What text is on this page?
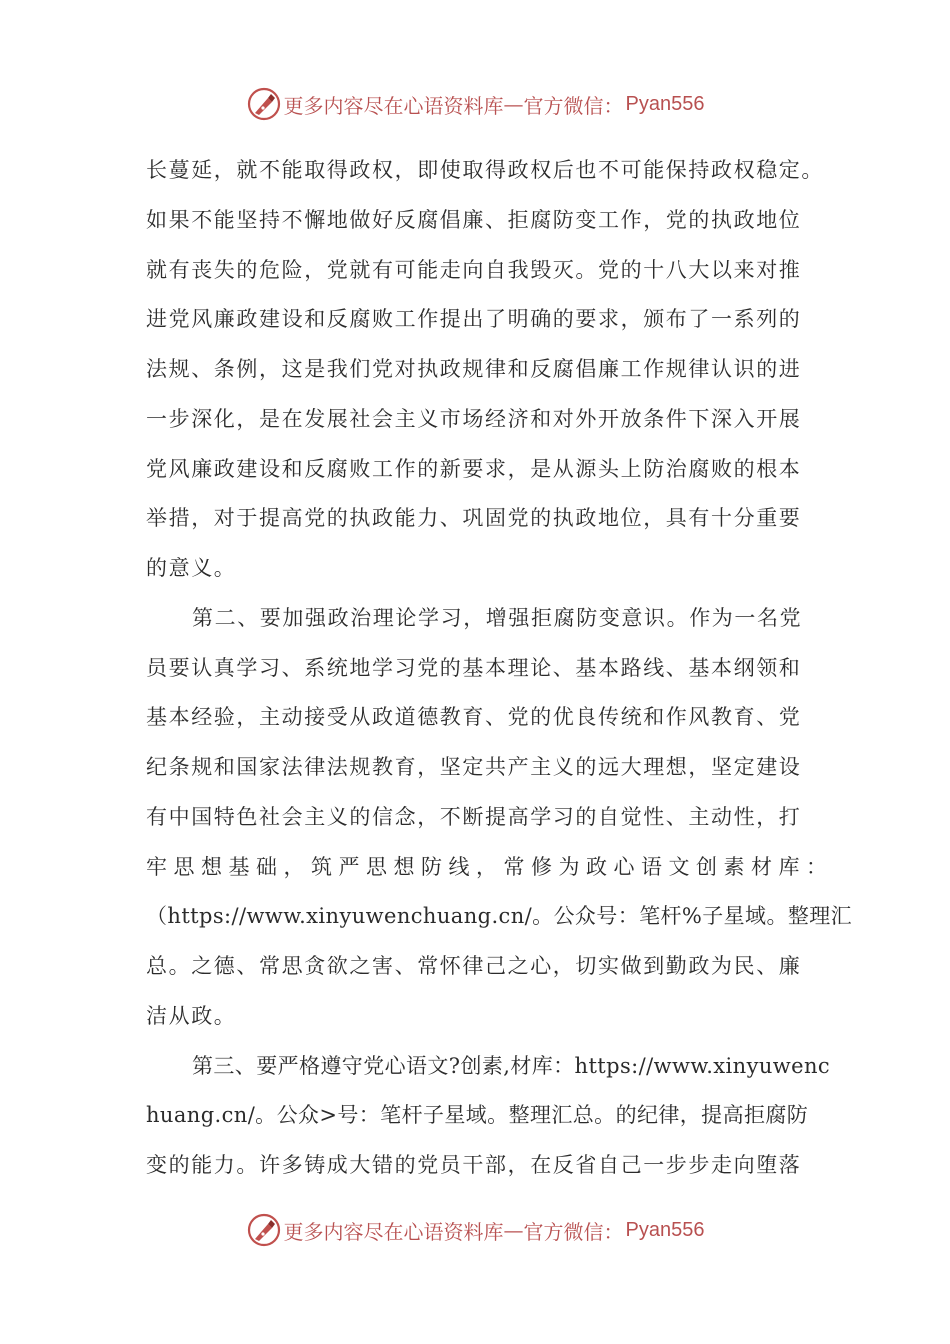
更多内容尽在心语资料库 — 官方微信： Pyan556
长蔓延，就不能取得政权，即使取得政权后也不可能保持政权稳定。
如果不能坚持不懈地做好反腐倡廉、拒腐防变工作，党的执政地位
就有丧失的危险，党就有可能走向自我毁灭。党的十八大以来对推
进党风廉政建设和反腐败工作提出了明确的要求，颁布了一系列的
法规、条例，这是我们党对执政规律和反腐倡廉工作规律认识的进
一步深化，是在发展社会主义市场经济和对外开放条件下深入开展
党风廉政建设和反腐败工作的新要求，是从源头上防治腐败的根本
举措，对于提高党的执政能力、巩固党的执政地位，具有十分重要
的意义。
第二、要加强政治理论学习，增强拒腐防变意识。作为一名党
员要认真学习、系统地学习党的基本理论、基本路线、基本纲领和
基本经验，主动接受从政道德教育、党的优良传统和作风教育、党
纪条规和国家法律法规教育，坚定共产主义的远大理想，坚定建设
有中国特色社会主义的信念，不断提高学习的自觉性、主动性，打
牢思想基础，筑严思想防线，常修为政心语文创素材库：
（https://www.xinyuwenchuang.cn/。公众号：笔杆%子星域。整理汇
总。之德、常思贪欲之害、常怀律己之心，切实做到勤政为民、廉
洁从政。
第三、要严格遵守党心语文?创素,材库：https://www.xinyuwenc
huang.cn/。公众>号：笔杆子星域。整理汇总。的纪律，提高拒腐防
变的能力。许多铸成大错的党员干部，在反省自己一步步走向堕落
更多内容尽在心语资料库 — 官方微信： Pyan556
